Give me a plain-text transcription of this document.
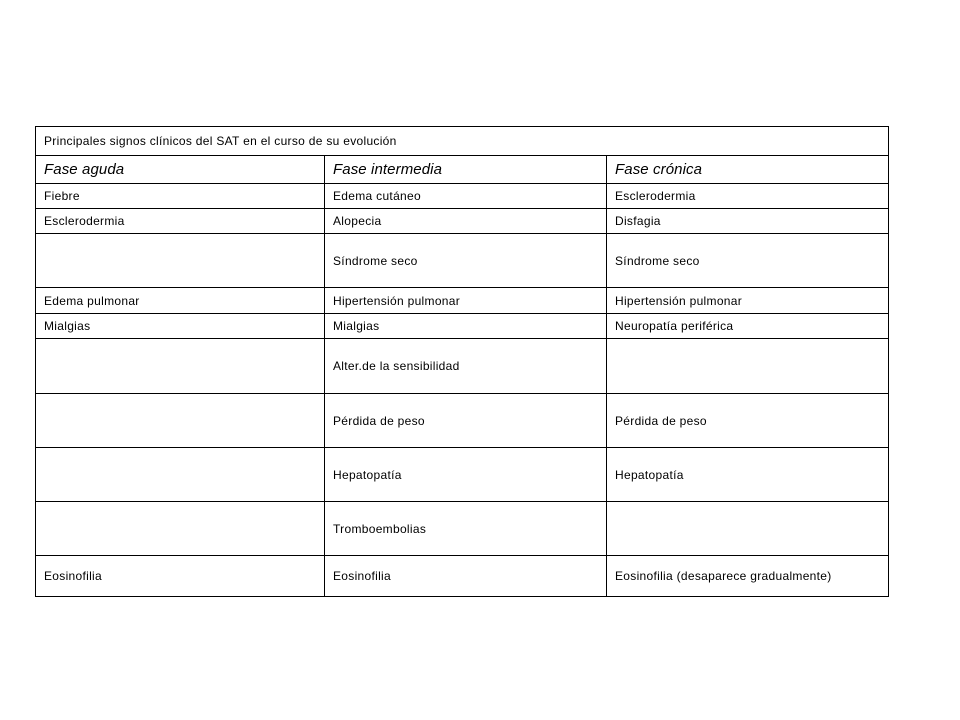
Principales signos clínicos del SAT en el curso de su evolución		
Fase aguda	Fase intermedia	Fase crónica
Fiebre	Edema cutáneo	Esclerodermia
Esclerodermia	Alopecia	Disfagia
	Síndrome seco	Síndrome seco
Edema pulmonar	Hipertensión pulmonar	Hipertensión pulmonar
Mialgias	Mialgias	Neuropatía periférica
	Alter.de la sensibilidad	
	Pérdida de peso	Pérdida de peso
	Hepatopatía	Hepatopatía
	Tromboembolias	
Eosinofilia	Eosinofilia	Eosinofilia (desaparece gradualmente)
